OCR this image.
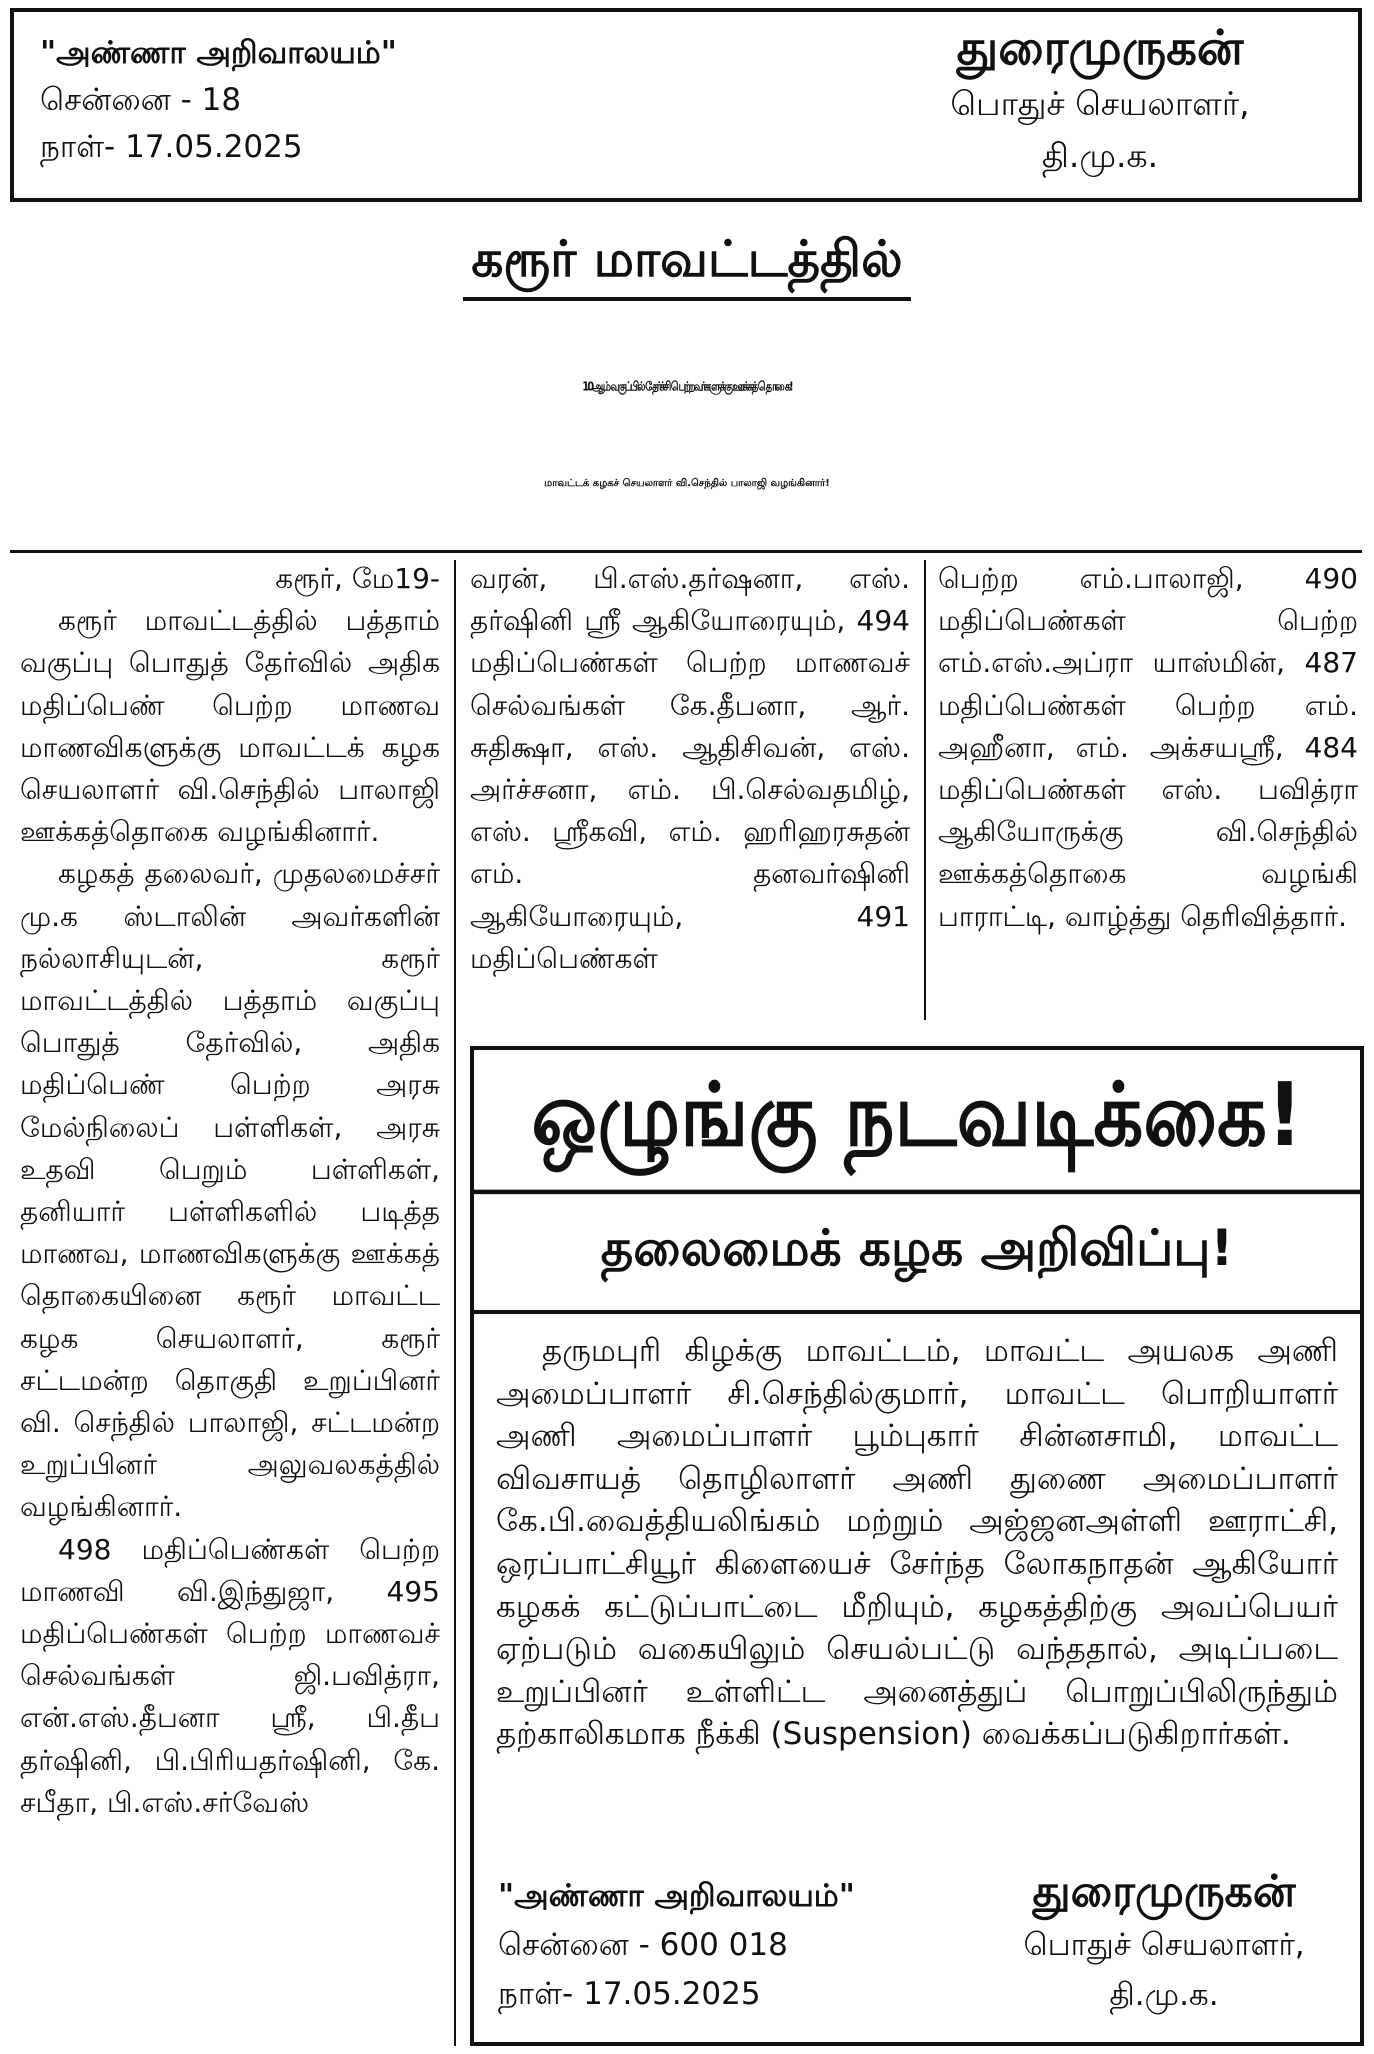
"அண்ணா அறிவாலயம்"
சென்னை - 18
நாள்- 17.05.2025
துரைமுருகன்
பொதுச் செயலாளர்,
தி.மு.க.
கரூர் மாவட்டத்தில்
10ஆம் வகுப்பில் தேர்ச்சி பெற்றவர்களுக்கு ஊக்கத் தொகை!
மாவட்டக் கழகச் செயலாளர் வி.செந்தில் பாலாஜி வழங்கினார்!

கரூர், மே19-

கரூர் மாவட்டத்தில் பத்தாம் வகுப்பு பொதுத் தேர்வில் அதிக மதிப்பெண் பெற்ற மாணவ மாணவிகளுக்கு மாவட்டக் கழக செயலாளர் வி.செந்தில் பாலாஜி ஊக்கத்தொகை வழங்கினார்.

கழகத் தலைவர், முதலமைச்சர் மு.க ஸ்டாலின் அவர்களின் நல்லாசியுடன், கரூர் மாவட்டத்தில் பத்தாம் வகுப்பு பொதுத் தேர்வில், அதிக மதிப்பெண் பெற்ற அரசு மேல்நிலைப் பள்ளிகள், அரசு உதவி பெறும் பள்ளிகள், தனியார் பள்ளிகளில் படித்த மாணவ, மாணவிகளுக்கு ஊக்கத் தொகையினை கரூர் மாவட்ட கழக செயலாளர், கரூர் சட்டமன்ற தொகுதி உறுப்பினர் வி. செந்தில் பாலாஜி, சட்டமன்ற உறுப்பினர் அலுவலகத்தில் வழங்கினார்.

498 மதிப்பெண்கள் பெற்ற மாணவி வி.இந்துஜா, 495 மதிப்பெண்கள் பெற்ற மாணவச் செல்வங்கள் ஜி.பவித்ரா, என்.எஸ்.தீபனா ஸ்ரீ, பி.தீப தர்ஷினி, பி.பிரியதர்ஷினி, கே. சபீதா, பி.எஸ்.சர்வேஸ்

வரன், பி.எஸ்.தர்ஷனா, எஸ். தர்ஷினி ஸ்ரீ ஆகியோரையும், 494 மதிப்பெண்கள் பெற்ற மாணவச் செல்வங்கள் கே.தீபனா, ஆர். சுதிக்ஷா, எஸ். ஆதிசிவன், எஸ். அர்ச்சனா, எம். பி.செல்வதமிழ், எஸ். ஸ்ரீகவி, எம். ஹரிஹரசுதன் எம். தனவர்ஷினி ஆகியோரையும், 491 மதிப்பெண்கள்

பெற்ற எம்.பாலாஜி, 490 மதிப்பெண்கள் பெற்ற எம்.எஸ்.அப்ரா யாஸ்மின், 487 மதிப்பெண்கள் பெற்ற எம். அஹீனா, எம். அக்சயஸ்ரீ, 484 மதிப்பெண்கள் எஸ். பவித்ரா ஆகியோருக்கு வி.செந்தில் ஊக்கத்தொகை வழங்கி பாராட்டி, வாழ்த்து தெரிவித்தார்.

ஒழுங்கு நடவடிக்கை!
தலைமைக் கழக அறிவிப்பு!

தருமபுரி கிழக்கு மாவட்டம், மாவட்ட அயலக அணி அமைப்பாளர் சி.செந்தில்குமார், மாவட்ட பொறியாளர் அணி அமைப்பாளர் பூம்புகார் சின்னசாமி, மாவட்ட விவசாயத் தொழிலாளர் அணி துணை அமைப்பாளர் கே.பி.வைத்தியலிங்கம் மற்றும் அஜ்ஜனஅள்ளி ஊராட்சி, ஒரப்பாட்சியூர் கிளையைச் சேர்ந்த லோகநாதன் ஆகியோர் கழகக் கட்டுப்பாட்டை மீறியும், கழகத்திற்கு அவப்பெயர் ஏற்படும் வகையிலும் செயல்பட்டு வந்ததால், அடிப்படை உறுப்பினர் உள்ளிட்ட அனைத்துப் பொறுப்பிலிருந்தும் தற்காலிகமாக நீக்கி (Suspension) வைக்கப்படுகிறார்கள்.

"அண்ணா அறிவாலயம்"
சென்னை - 600 018
நாள்- 17.05.2025
துரைமுருகன்
பொதுச் செயலாளர்,
தி.மு.க.
